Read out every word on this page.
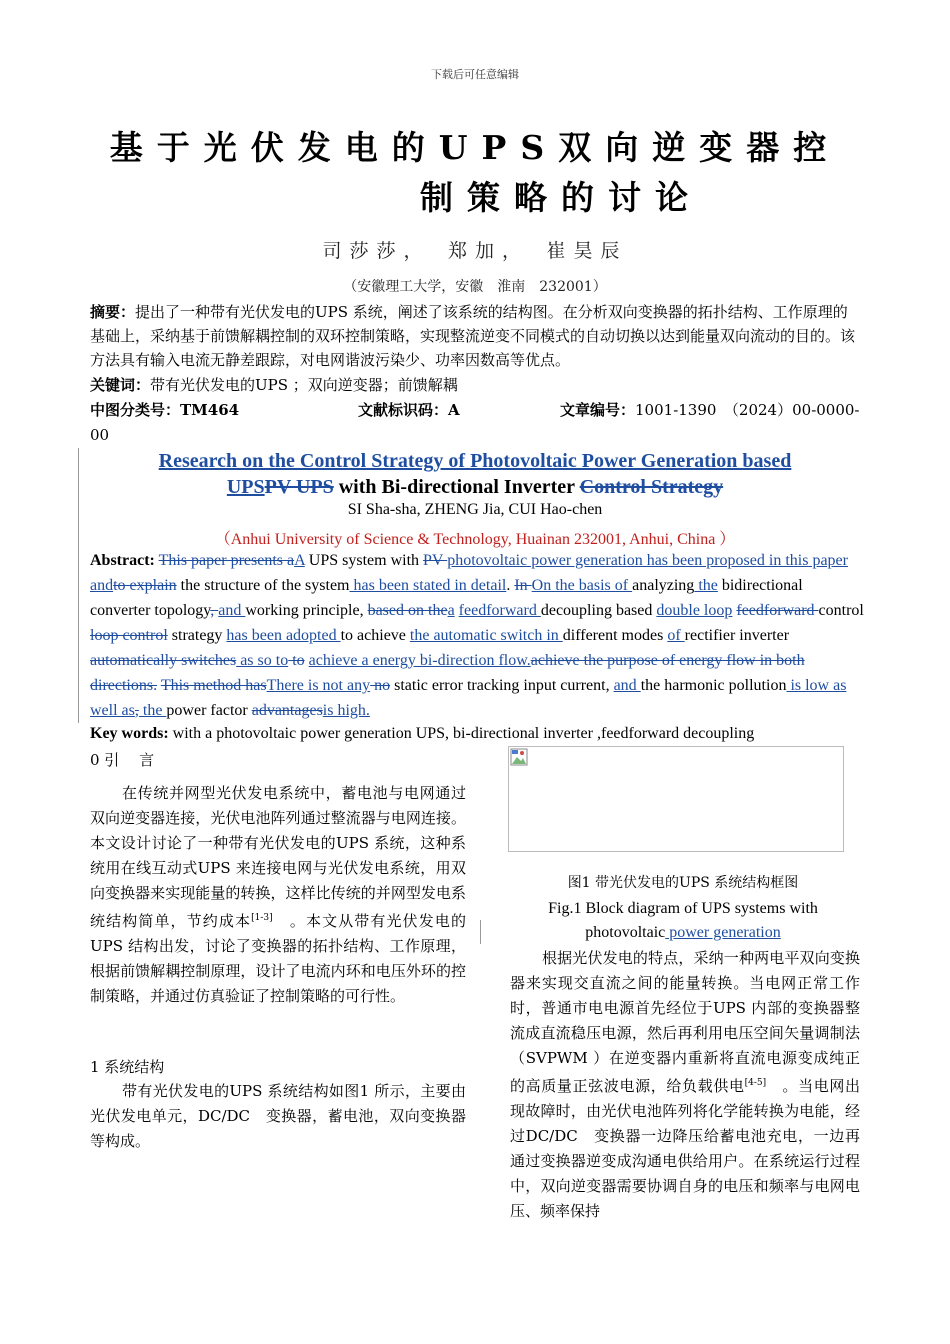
下载后可任意编辑
基于光伏发电的UPS双向逆变器控
制策略的讨论
司莎莎，　郑加，　崔昊辰
（安徽理工大学，安徽　淮南　232001）
摘要：提出了一种带有光伏发电的UPS 系统，阐述了该系统的结构图。在分析双向变换器的拓扑结构、工作原理的基础上，采纳基于前馈解耦控制的双环控制策略，实现整流逆变不同模式的自动切换以达到能量双向流动的目的。该方法具有输入电流无静差跟踪，对电网谐波污染少、功率因数高等优点。
关键词：带有光伏发电的UPS ；双向逆变器；前馈解耦
中图分类号：TM464	文献标识码：A	文章编号：1001-1390　（2024）00-0000-
00
Research on the Control Strategy of Photovoltaic Power Generation based
UPSPV UPS with Bi-directional Inverter Control Strategy
SI Sha-sha, ZHENG Jia, CUI Hao-chen
（Anhui University of Science & Technology, Huainan 232001, Anhui, China ）
Abstract: This paper presents aA UPS system with PV photovoltaic power generation has been proposed in this paper andto explain the structure of the system has been stated in detail. In On the basis of analyzing the bidirectional converter topology, and working principle, based on thea feedforward decoupling based double loop feedforward control loop control strategy has been adopted to achieve the automatic switch in different modes of rectifier inverter automatically switches as so to to achieve a energy bi-direction flow.achieve the purpose of energy flow in both directions. This method hasThere is not any no static error tracking input current, and the harmonic pollution is low as well as, the power factor advantagesis high.
Key words: with a photovoltaic power generation UPS, bi-directional inverter ,feedforward decoupling
0 引　 言

在传统并网型光伏发电系统中，蓄电池与电网通过双向逆变器连接，光伏电池阵列通过整流器与电网连接。本文设计讨论了一种带有光伏发电的UPS 系统，这种系统用在线互动式UPS 来连接电网与光伏发电系统，用双向变换器来实现能量的转换，这样比传统的并网型发电系统结构简单，节约成本[1-3]　。本文从带有光伏发电的UPS 结构出发，讨论了变换器的拓扑结构、工作原理，根据前馈解耦控制原理，设计了电流内环和电压外环的控制策略，并通过仿真验证了控制策略的可行性。

1 系统结构

带有光伏发电的UPS 系统结构如图1 所示，主要由光伏发电单元，DC/DC　变换器，蓄电池，双向变换器等构成。

图1 带光伏发电的UPS 系统结构框图
Fig.1 Block diagram of UPS systems with
photovoltaic power generation

根据光伏发电的特点，采纳一种两电平双向变换器来实现交直流之间的能量转换。当电网正常工作时，普通市电电源首先经位于UPS 内部的变换器整流成直流稳压电源，然后再利用电压空间矢量调制法（SVPWM ）在逆变器内重新将直流电源变成纯正的高质量正弦波电源，给负载供电[4-5]　。当电网出现故障时，由光伏电池阵列将化学能转换为电能，经过DC/DC　变换器一边降压给蓄电池充电，一边再通过变换器逆变成沟通电供给用户。在系统运行过程中，双向逆变器需要协调自身的电压和频率与电网电压、频率保持
